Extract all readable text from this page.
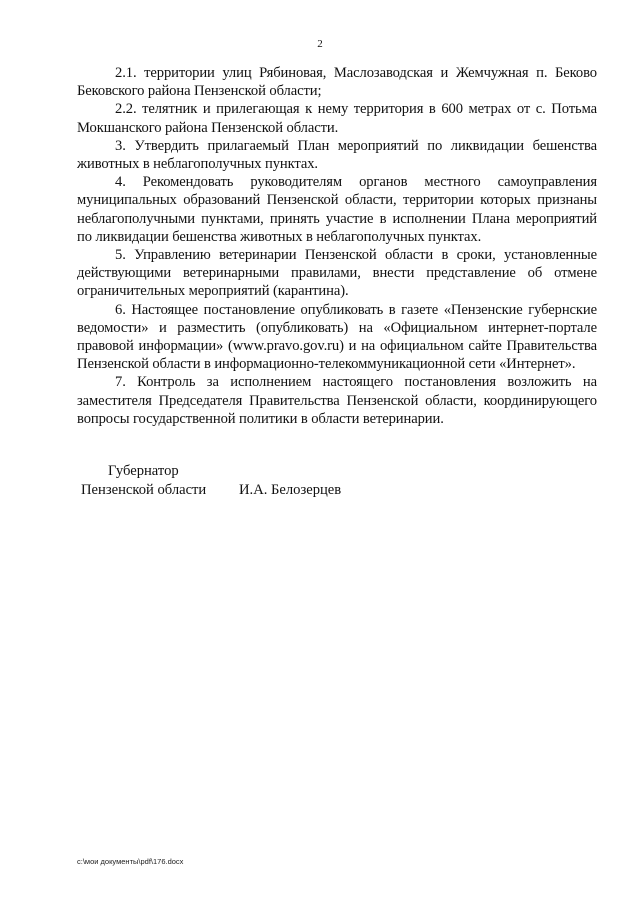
2

2.1. территории улиц Рябиновая, Маслозаводская и Жемчужная п. Беково Бековского района Пензенской области;

2.2. телятник и прилегающая к нему территория в 600 метрах от с. Потьма Мокшанского района Пензенской области.

3. Утвердить прилагаемый План мероприятий по ликвидации бешенства животных в неблагополучных пунктах.

4. Рекомендовать руководителям органов местного самоуправления муниципальных образований Пензенской области, территории которых признаны неблагополучными пунктами, принять участие в исполнении Плана мероприятий по ликвидации бешенства животных в неблагополучных пунктах.

5. Управлению ветеринарии Пензенской области в сроки, установленные действующими ветеринарными правилами, внести представление об отмене ограничительных мероприятий (карантина).

6. Настоящее постановление опубликовать в газете «Пензенские губернские ведомости» и разместить (опубликовать) на «Официальном интернет-портале правовой информации» (www.pravo.gov.ru) и на официальном сайте Правительства Пензенской области в информационно-телекоммуникационной сети «Интернет».

7. Контроль за исполнением настоящего постановления возложить на заместителя Председателя Правительства Пензенской области, координирующего вопросы государственной политики в области ветеринарии.

Губернатор
Пензенской области И.А. Белозерцев
c:\мои документы\pdf\176.docx
